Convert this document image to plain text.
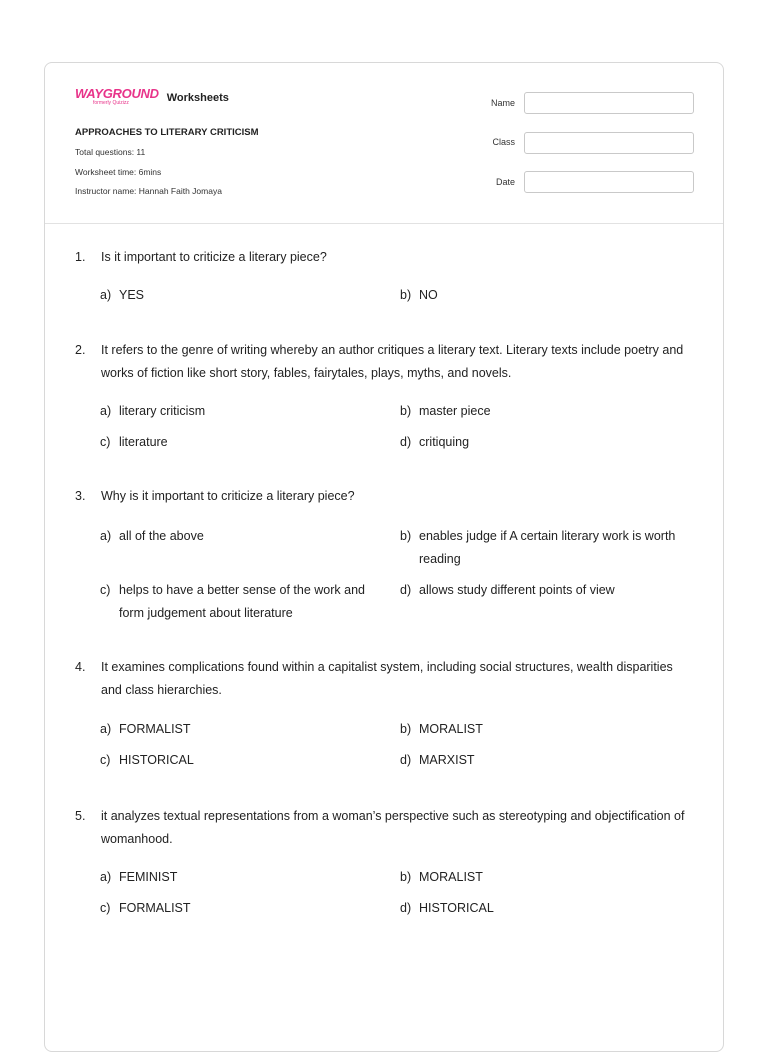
WAYGROUND
formerly Quizizz	Worksheets
APPROACHES TO LITERARY CRITICISM
Total questions: 11
Worksheet time: 6mins
Instructor name: Hannah Faith Jomaya
Name
Class
Date
1. Is it important to criticize a literary piece?
a) YES	b) NO
2. It refers to the genre of writing whereby an author critiques a literary text. Literary texts include poetry and works of fiction like short story, fables, fairytales, plays, myths, and novels.
a) literary criticism	b) master piece
c) literature	d) critiquing
3. Why is it important to criticize a literary piece?
a) all of the above	b) enables judge if A certain literary work is worth reading
c) helps to have a better sense of the work and form judgement about literature
d) allows study different points of view
4. It examines complications found within a capitalist system, including social structures, wealth disparities and class hierarchies.
a) FORMALIST	b) MORALIST
c) HISTORICAL	d) MARXIST
5. it analyzes textual representations from a woman’s perspective such as stereotyping and objectification of womanhood.
a) FEMINIST	b) MORALIST
c) FORMALIST	d) HISTORICAL
